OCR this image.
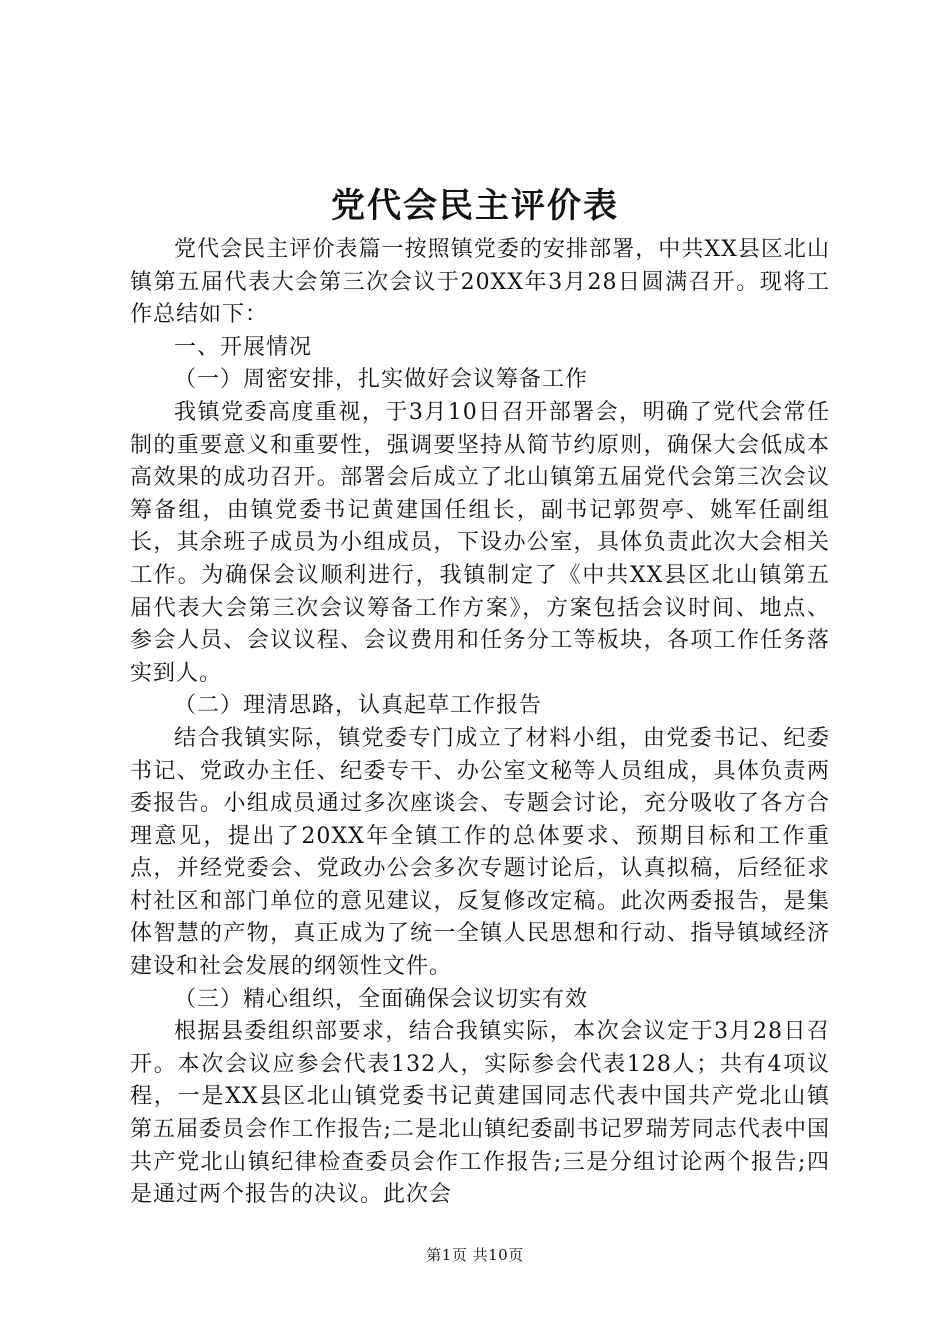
党代会民主评价表

党代会民主评价表篇一按照镇党委的安排部署，中共XX县区北山镇第五届代表大会第三次会议于20XX年3月28日圆满召开。现将工作总结如下：

一、开展情况

（一）周密安排，扎实做好会议筹备工作

我镇党委高度重视，于3月10日召开部署会，明确了党代会常任制的重要意义和重要性，强调要坚持从简节约原则，确保大会低成本高效果的成功召开。部署会后成立了北山镇第五届党代会第三次会议筹备组，由镇党委书记黄建国任组长，副书记郭贺亭、姚军任副组长，其余班子成员为小组成员，下设办公室，具体负责此次大会相关工作。为确保会议顺利进行，我镇制定了《中共XX县区北山镇第五届代表大会第三次会议筹备工作方案》，方案包括会议时间、地点、参会人员、会议议程、会议费用和任务分工等板块，各项工作任务落实到人。

（二）理清思路，认真起草工作报告

结合我镇实际，镇党委专门成立了材料小组，由党委书记、纪委书记、党政办主任、纪委专干、办公室文秘等人员组成，具体负责两委报告。小组成员通过多次座谈会、专题会讨论，充分吸收了各方合理意见，提出了20XX年全镇工作的总体要求、预期目标和工作重点，并经党委会、党政办公会多次专题讨论后，认真拟稿，后经征求村社区和部门单位的意见建议，反复修改定稿。此次两委报告，是集体智慧的产物，真正成为了统一全镇人民思想和行动、指导镇域经济建设和社会发展的纲领性文件。

（三）精心组织，全面确保会议切实有效

根据县委组织部要求，结合我镇实际，本次会议定于3月28日召开。本次会议应参会代表132人，实际参会代表128人；共有4项议程，一是XX县区北山镇党委书记黄建国同志代表中国共产党北山镇第五届委员会作工作报告;二是北山镇纪委副书记罗瑞芳同志代表中国共产党北山镇纪律检查委员会作工作报告;三是分组讨论两个报告;四是通过两个报告的决议。此次会

第1页 共10页
